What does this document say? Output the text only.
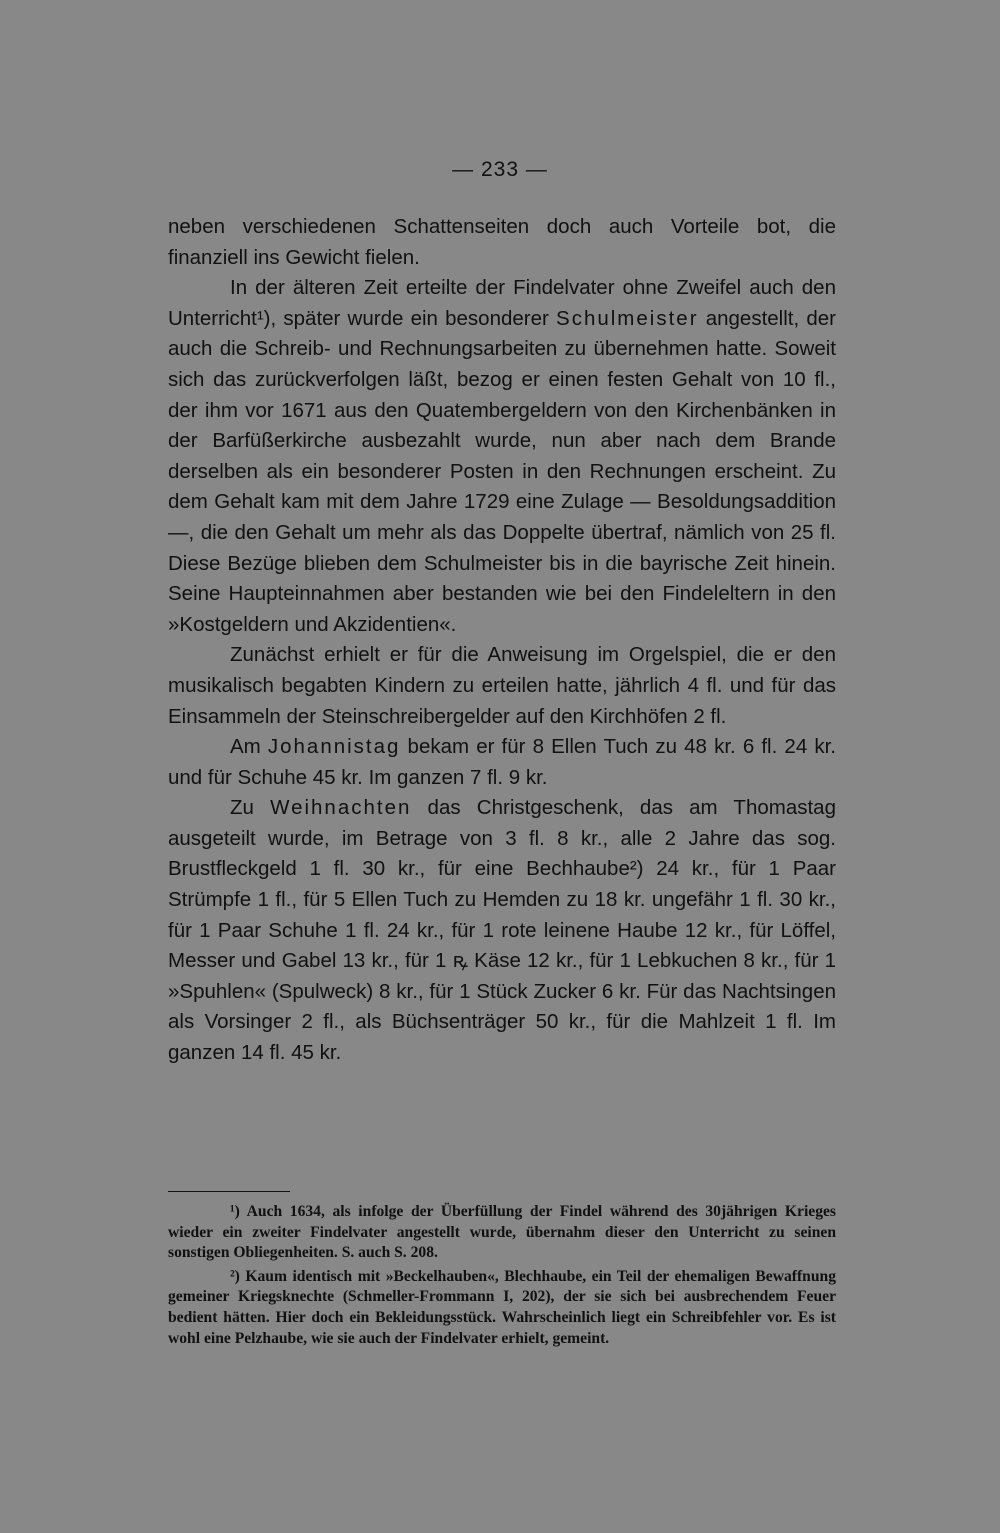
— 233 —

neben verschiedenen Schattenseiten doch auch Vorteile bot, die finanziell ins Gewicht fielen.

In der älteren Zeit erteilte der Findelvater ohne Zweifel auch den Unterricht¹), später wurde ein besonderer Schulmeister angestellt, der auch die Schreib- und Rechnungsarbeiten zu übernehmen hatte. Soweit sich das zurückverfolgen läßt, bezog er einen festen Gehalt von 10 fl., der ihm vor 1671 aus den Quatembergeldern von den Kirchenbänken in der Barfüßerkirche ausbezahlt wurde, nun aber nach dem Brande derselben als ein besonderer Posten in den Rechnungen erscheint. Zu dem Gehalt kam mit dem Jahre 1729 eine Zulage — Besoldungsaddition —, die den Gehalt um mehr als das Doppelte übertraf, nämlich von 25 fl. Diese Bezüge blieben dem Schulmeister bis in die bayrische Zeit hinein. Seine Haupteinnahmen aber bestanden wie bei den Findeleltern in den »Kostgeldern und Akzidentien«.

Zunächst erhielt er für die Anweisung im Orgelspiel, die er den musikalisch begabten Kindern zu erteilen hatte, jährlich 4 fl. und für das Einsammeln der Steinschreibergelder auf den Kirchhöfen 2 fl.

Am Johannistag bekam er für 8 Ellen Tuch zu 48 kr. 6 fl. 24 kr. und für Schuhe 45 kr. Im ganzen 7 fl. 9 kr.

Zu Weihnachten das Christgeschenk, das am Thomastag ausgeteilt wurde, im Betrage von 3 fl. 8 kr., alle 2 Jahre das sog. Brustfleckgeld 1 fl. 30 kr., für eine Bechhaube²) 24 kr., für 1 Paar Strümpfe 1 fl., für 5 Ellen Tuch zu Hemden zu 18 kr. ungefähr 1 fl. 30 kr., für 1 Paar Schuhe 1 fl. 24 kr., für 1 rote leinene Haube 12 kr., für Löffel, Messer und Gabel 13 kr., für 1 ꝶ Käse 12 kr., für 1 Lebkuchen 8 kr., für 1 »Spuhlen« (Spulweck) 8 kr., für 1 Stück Zucker 6 kr. Für das Nachtsingen als Vorsinger 2 fl., als Büchsenträger 50 kr., für die Mahlzeit 1 fl. Im ganzen 14 fl. 45 kr.

¹) Auch 1634, als infolge der Überfüllung der Findel während des 30jährigen Krieges wieder ein zweiter Findelvater angestellt wurde, übernahm dieser den Unterricht zu seinen sonstigen Obliegenheiten. S. auch S. 208.

²) Kaum identisch mit »Beckelhauben«, Blechhaube, ein Teil der ehemaligen Bewaffnung gemeiner Kriegsknechte (Schmeller-Frommann I, 202), der sie sich bei ausbrechendem Feuer bedient hätten. Hier doch ein Bekleidungsstück. Wahrscheinlich liegt ein Schreibfehler vor. Es ist wohl eine Pelzhaube, wie sie auch der Findelvater erhielt, gemeint.
